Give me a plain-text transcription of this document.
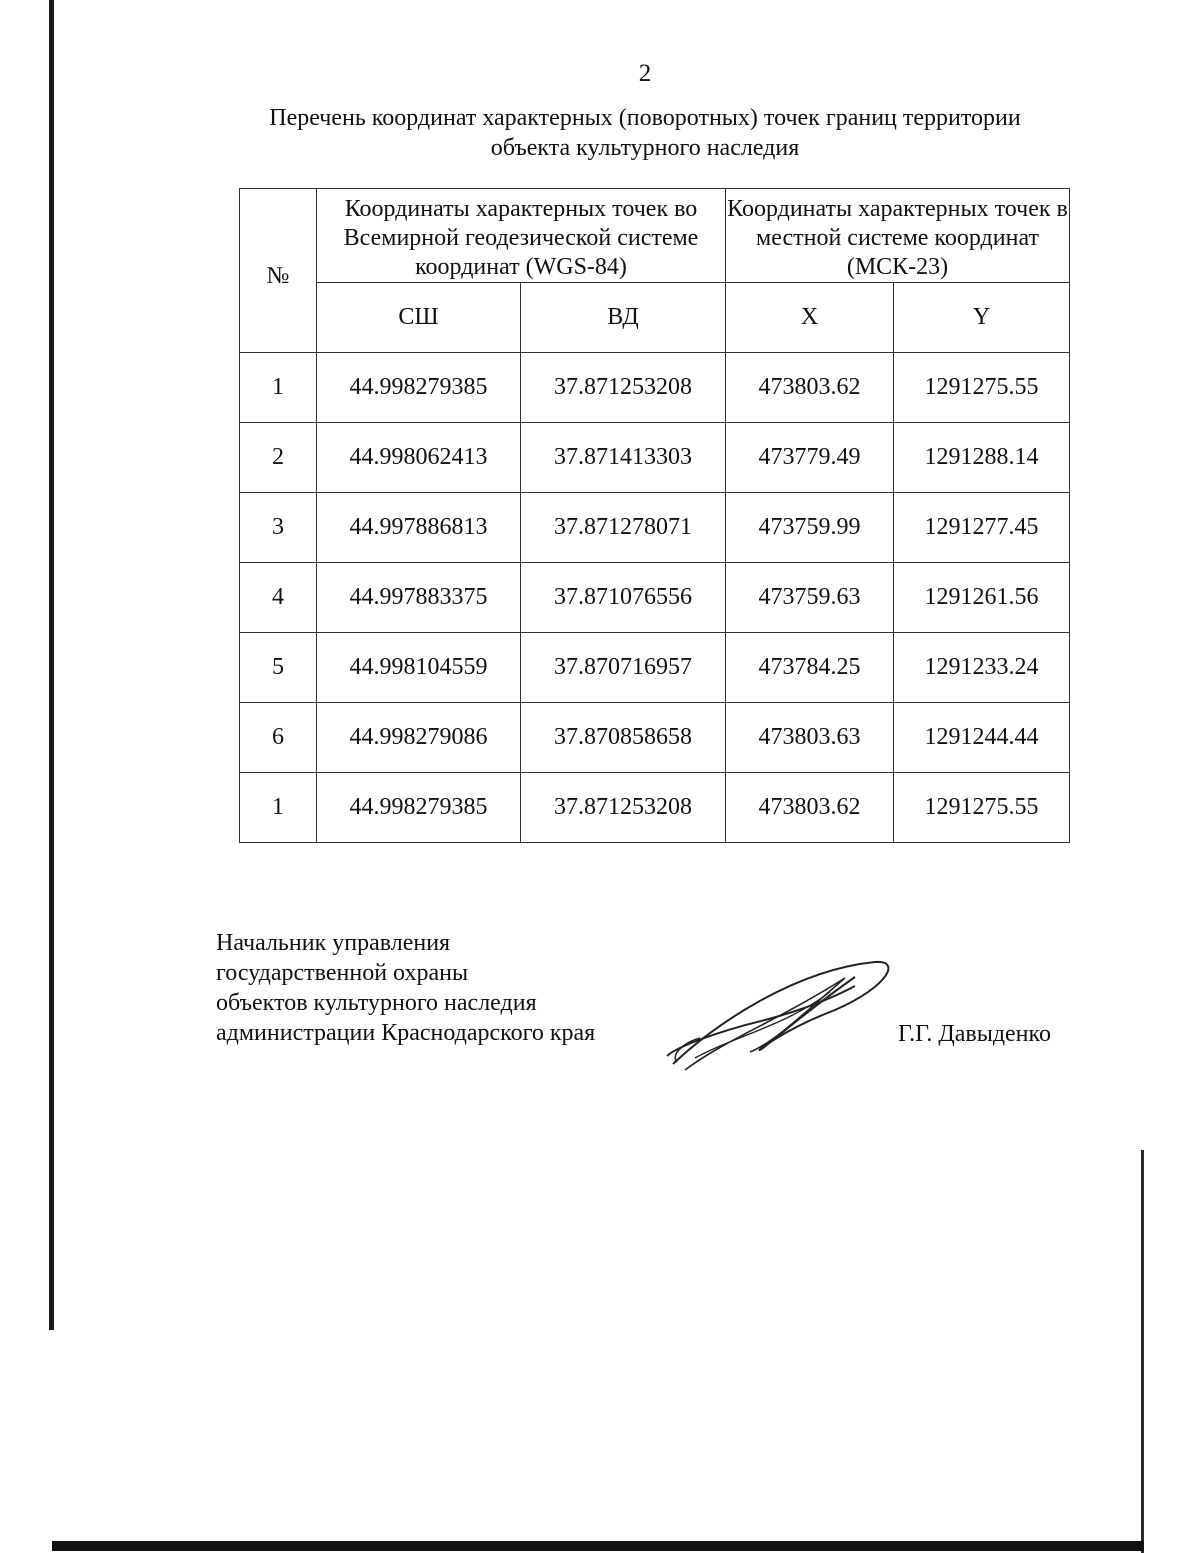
2
Перечень координат характерных (поворотных) точек границ территории
объекта культурного наследия
№	Координаты характерных точек во Всемирной геодезической системе координат (WGS-84)		Координаты характерных точек в местной системе координат (МСК-23)	
	СШ	ВД	X	Y
1	44.998279385	37.871253208	473803.62	1291275.55
2	44.998062413	37.871413303	473779.49	1291288.14
3	44.997886813	37.871278071	473759.99	1291277.45
4	44.997883375	37.871076556	473759.63	1291261.56
5	44.998104559	37.870716957	473784.25	1291233.24
6	44.998279086	37.870858658	473803.63	1291244.44
1	44.998279385	37.871253208	473803.62	1291275.55
Начальник управления
государственной охраны
объектов культурного наследия
администрации Краснодарского края	Г.Г. Давыденко
